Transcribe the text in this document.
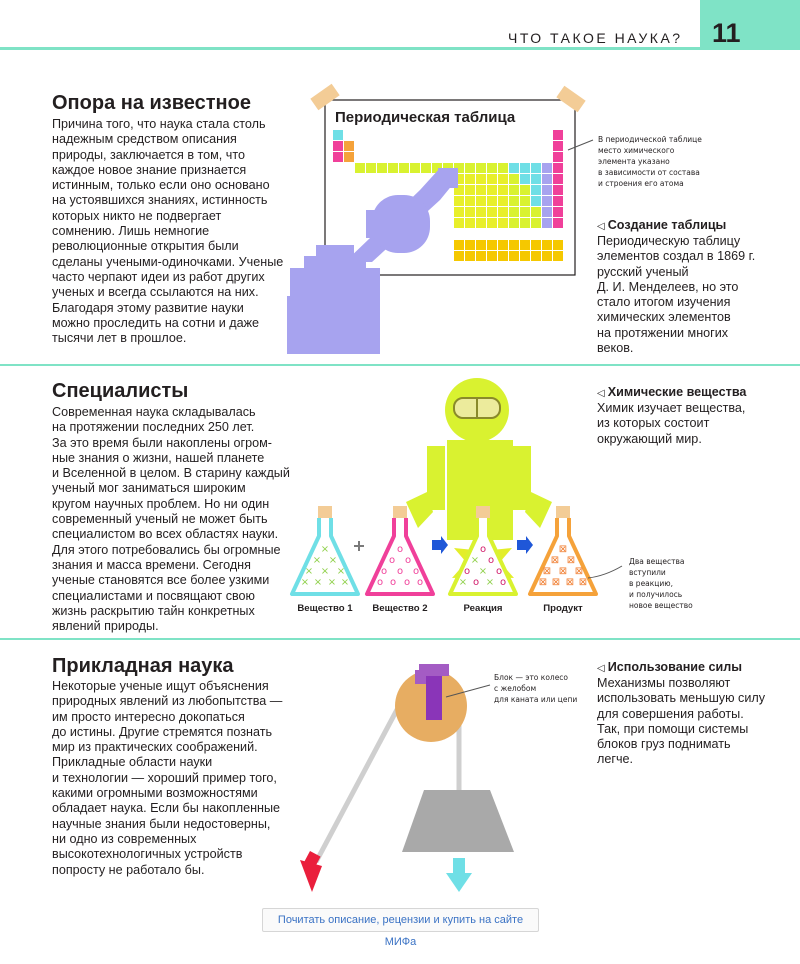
ЧТО ТАКОЕ НАУКА? 11
Опора на известное
Причина того, что наука стала столь
надежным средством описания
природы, заключается в том, что
каждое новое знание признается
истинным, только если оно основано
на устоявшихся знаниях, истинность
которых никто не подвергает
сомнению. Лишь немногие
революционные открытия были
сделаны учеными-одиночками. Ученые
часто черпают идеи из работ других
ученых и всегда ссылаются на них.
Благодаря этому развитие науки
можно проследить на сотни и даже
тысячи лет в прошлое.
Периодическая таблица
×
× ×
× × ×
× × × ×
o
o o
o o o
o o o o
o
× o
o × o
× o × o
⊠
⊠ ⊠
⊠ ⊠ ⊠
⊠ ⊠ ⊠ ⊠
В периодической таблице
место химического
элемента указано
в зависимости от состава
и строения его атома
◁ Создание таблицы
Периодическую таблицу
элементов создал в 1869 г.
русский ученый
Д. И. Менделеев, но это
стало итогом изучения
химических элементов
на протяжении многих
веков.
Специалисты
Современная наука складывалась
на протяжении последних 250 лет.
За это время были накоплены огром-
ные знания о жизни, нашей планете
и Вселенной в целом. В старину каждый
ученый мог заниматься широким
кругом научных проблем. Но ни один
современный ученый не может быть
специалистом во всех областях науки.
Для этого потребовались бы огромные
знания и масса времени. Сегодня
ученые становятся все более узкими
специалистами и посвящают свою
жизнь раскрытию тайн конкретных
явлений природы.
◁ Химические вещества
Химик изучает вещества,
из которых состоит
окружающий мир.
Вещество 1	Вещество 2	Реакция	Продукт
Два вещества
вступили
в реакцию,
и получилось
новое вещество
Прикладная наука
Некоторые ученые ищут объяснения
природных явлений из любопытства —
им просто интересно докопаться
до истины. Другие стремятся познать
мир из практических соображений.
Прикладные области науки
и технологии — хороший пример того,
какими огромными возможностями
обладает наука. Если бы накопленные
научные знания были недостоверны,
ни одно из современных
высокотехнологичных устройств
попросту не работало бы.
Блок — это колесо
с желобом
для каната или цепи
◁ Использование силы
Механизмы позволяют
использовать меньшую силу
для совершения работы.
Так, при помощи системы
блоков груз поднимать
легче.
Почитать описание, рецензии и купить на сайте МИФа
